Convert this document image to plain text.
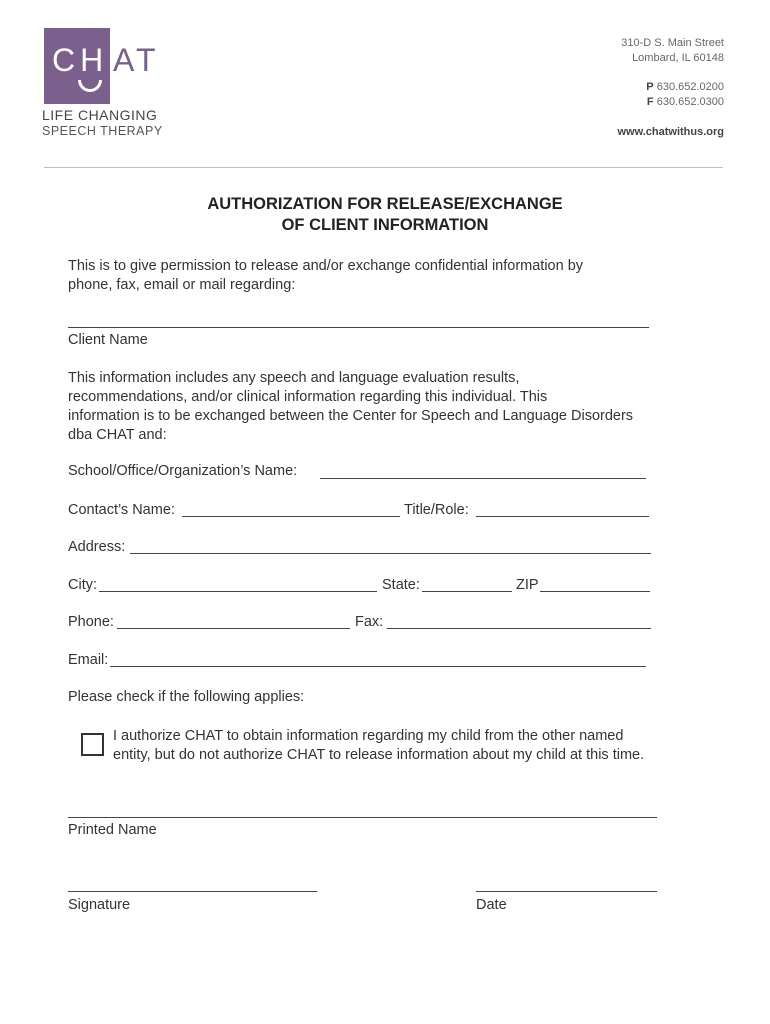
CH AT
LIFE CHANGING
SPEECH THERAPY
310-D S. Main Street
Lombard, IL 60148
P 630.652.0200
F 630.652.0300
www.chatwithus.org
AUTHORIZATION FOR RELEASE/EXCHANGE
OF CLIENT INFORMATION
This is to give permission to release and/or exchange confidential information by
phone, fax, email or mail regarding:
Client Name
This information includes any speech and language evaluation results,
recommendations, and/or clinical information regarding this individual. This
information is to be exchanged between the Center for Speech and Language Disorders
dba CHAT and:
School/Office/Organization’s Name:
Contact’s Name:	Title/Role:
Address:
City:	State:	ZIP
Phone:	Fax:
Email:
Please check if the following applies:
I authorize CHAT to obtain information regarding my child from the other named
entity, but do not authorize CHAT to release information about my child at this time.
Printed Name
Signature	Date
